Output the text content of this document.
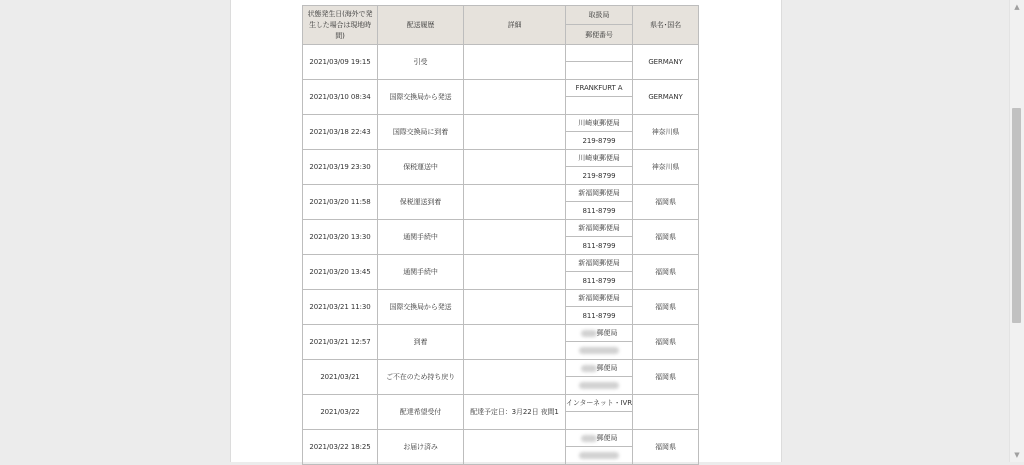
状態発生日(海外で発生した場合は現地時間)	配送履歴	詳細	取扱局	県名･国名
			郵便番号	
2021/03/09 19:15	引受			GERMANY

2021/03/10 08:34	国際交換局から発送		FRANKFURT A	GERMANY

2021/03/18 22:43	国際交換局に到着		川崎東郵便局	神奈川県
			219-8799	
2021/03/19 23:30	保税運送中		川崎東郵便局	神奈川県
			219-8799	
2021/03/20 11:58	保税運送到着		新福岡郵便局	福岡県
			811-8799	
2021/03/20 13:30	通関手続中		新福岡郵便局	福岡県
			811-8799	
2021/03/20 13:45	通関手続中		新福岡郵便局	福岡県
			811-8799	
2021/03/21 11:30	国際交換局から発送		新福岡郵便局	福岡県
			811-8799	
2021/03/21 12:57	到着		郵便局	福岡県

2021/03/21	ご不在のため持ち戻り		郵便局	福岡県

2021/03/22	配達希望受付	配達予定日：3月22日 夜間1	インターネット・IVR	

2021/03/22 18:25	お届け済み		郵便局	福岡県

▲
▼
